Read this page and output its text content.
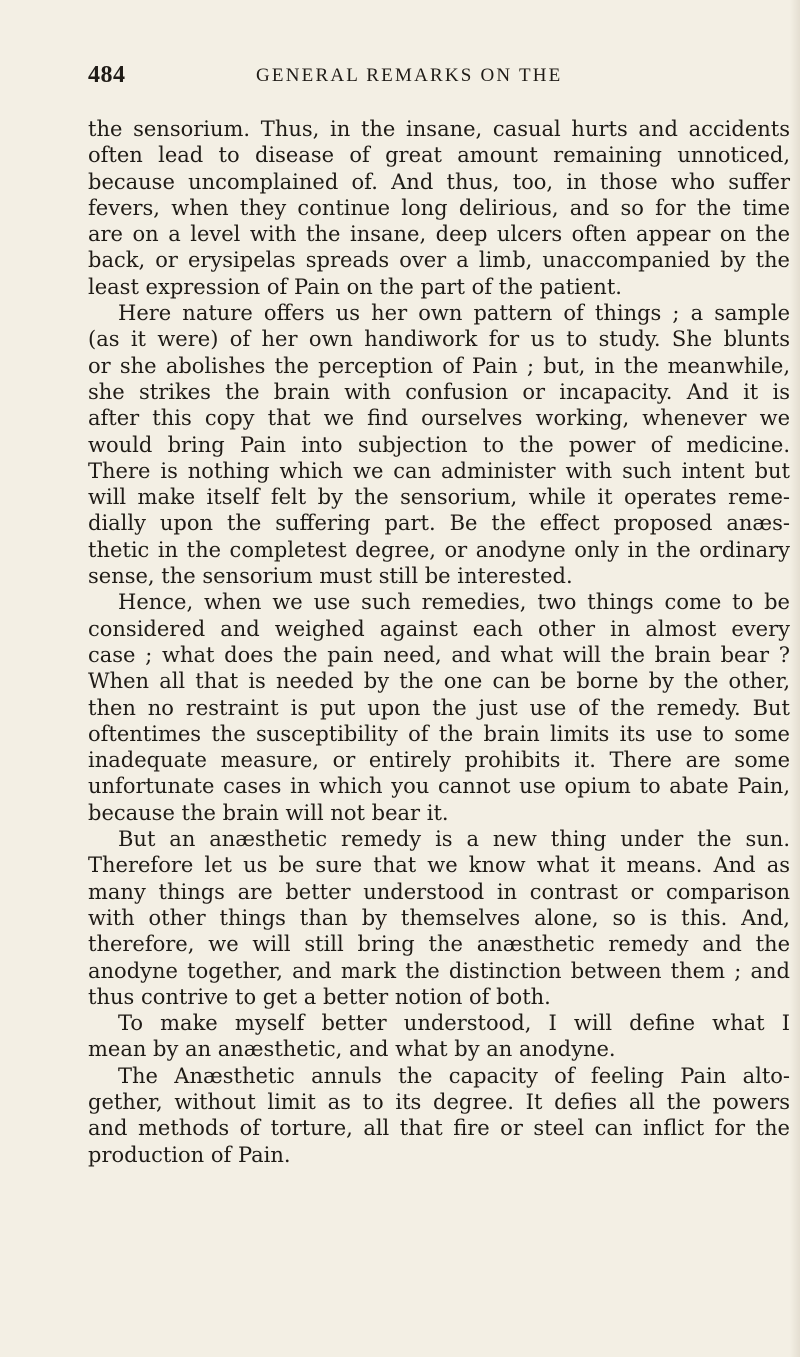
484	GENERAL REMARKS ON THE
the sensorium. Thus, in the insane, casual hurts and accidents
often lead to disease of great amount remaining unnoticed,
because uncomplained of. And thus, too, in those who suffer
fevers, when they continue long delirious, and so for the time
are on a level with the insane, deep ulcers often appear on the
back, or erysipelas spreads over a limb, unaccompanied by the
least expression of Pain on the part of the patient.
Here nature offers us her own pattern of things ; a sample
(as it were) of her own handiwork for us to study. She blunts
or she abolishes the perception of Pain ; but, in the meanwhile,
she strikes the brain with confusion or incapacity. And it is
after this copy that we find ourselves working, whenever we
would bring Pain into subjection to the power of medicine.
There is nothing which we can administer with such intent but
will make itself felt by the sensorium, while it operates reme-
dially upon the suffering part. Be the effect proposed anæs-
thetic in the completest degree, or anodyne only in the ordinary
sense, the sensorium must still be interested.
Hence, when we use such remedies, two things come to be
considered and weighed against each other in almost every
case ; what does the pain need, and what will the brain bear ?
When all that is needed by the one can be borne by the other,
then no restraint is put upon the just use of the remedy. But
oftentimes the susceptibility of the brain limits its use to some
inadequate measure, or entirely prohibits it. There are some
unfortunate cases in which you cannot use opium to abate Pain,
because the brain will not bear it.
But an anæsthetic remedy is a new thing under the sun.
Therefore let us be sure that we know what it means. And as
many things are better understood in contrast or comparison
with other things than by themselves alone, so is this. And,
therefore, we will still bring the anæsthetic remedy and the
anodyne together, and mark the distinction between them ; and
thus contrive to get a better notion of both.
To make myself better understood, I will define what I
mean by an anæsthetic, and what by an anodyne.
The Anæsthetic annuls the capacity of feeling Pain alto-
gether, without limit as to its degree. It defies all the powers
and methods of torture, all that fire or steel can inflict for the
production of Pain.
